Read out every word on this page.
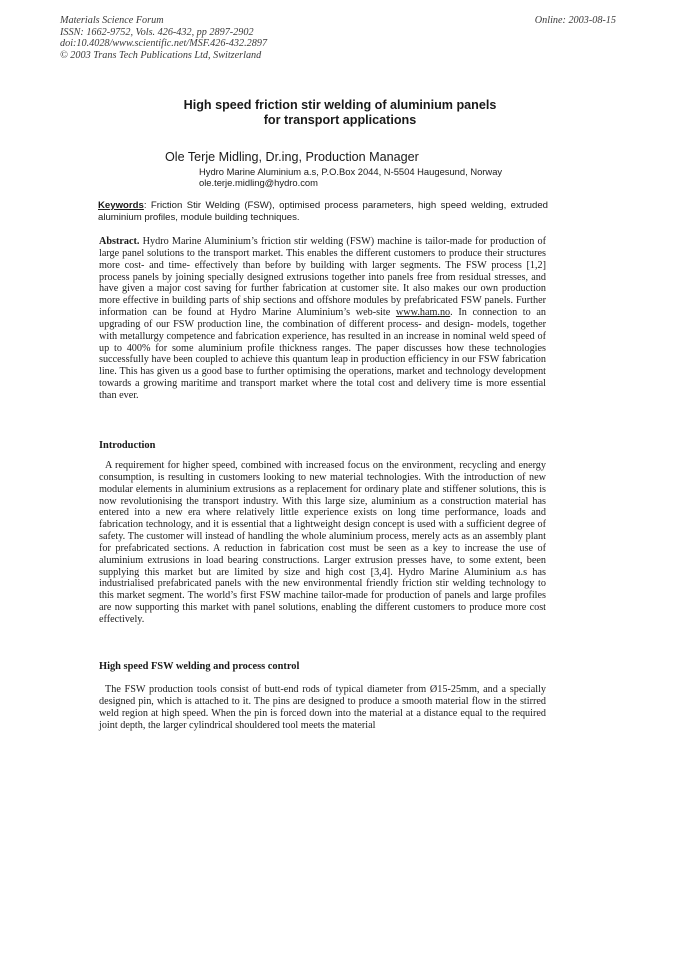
Materials Science Forum
ISSN: 1662-9752, Vols. 426-432, pp 2897-2902
doi:10.4028/www.scientific.net/MSF.426-432.2897
© 2003 Trans Tech Publications Ltd, Switzerland
Online: 2003-08-15
High speed friction stir welding of aluminium panels
for transport applications
Ole Terje Midling, Dr.ing, Production Manager
Hydro Marine Aluminium a.s, P.O.Box 2044, N-5504 Haugesund, Norway
ole.terje.midling@hydro.com
Keywords: Friction Stir Welding (FSW), optimised process parameters, high speed welding, extruded aluminium profiles, module building techniques.
Abstract. Hydro Marine Aluminium’s friction stir welding (FSW) machine is tailor-made for production of large panel solutions to the transport market. This enables the different customers to produce their structures more cost- and time- effectively than before by building with larger segments. The FSW process [1,2] process panels by joining specially designed extrusions together into panels free from residual stresses, and have given a major cost saving for further fabrication at customer site. It also makes our own production more effective in building parts of ship sections and offshore modules by prefabricated FSW panels. Further information can be found at Hydro Marine Aluminium’s web-site www.ham.no. In connection to an upgrading of our FSW production line, the combination of different process- and design- models, together with metallurgy competence and fabrication experience, has resulted in an increase in nominal weld speed of up to 400% for some aluminium profile thickness ranges. The paper discusses how these technologies successfully have been coupled to achieve this quantum leap in production efficiency in our FSW fabrication line. This has given us a good base to further optimising the operations, market and technology development towards a growing maritime and transport market where the total cost and delivery time is more essential than ever.
Introduction
A requirement for higher speed, combined with increased focus on the environment, recycling and energy consumption, is resulting in customers looking to new material technologies. With the introduction of new modular elements in aluminium extrusions as a replacement for ordinary plate and stiffener solutions, this is now revolutionising the transport industry. With this large size, aluminium as a construction material has entered into a new era where relatively little experience exists on long time performance, loads and fabrication technology, and it is essential that a lightweight design concept is used with a sufficient degree of safety. The customer will instead of handling the whole aluminium process, merely acts as an assembly plant for prefabricated sections. A reduction in fabrication cost must be seen as a key to increase the use of aluminium extrusions in load bearing constructions. Larger extrusion presses have, to some extent, been supplying this market but are limited by size and high cost [3,4]. Hydro Marine Aluminium a.s has industrialised prefabricated panels with the new environmental friendly friction stir welding technology to this market segment. The world’s first FSW machine tailor-made for production of panels and large profiles are now supporting this market with panel solutions, enabling the different customers to produce more cost effectively.
High speed FSW welding and process control
The FSW production tools consist of butt-end rods of typical diameter from Ø15-25mm, and a specially designed pin, which is attached to it. The pins are designed to produce a smooth material flow in the stirred weld region at high speed. When the pin is forced down into the material at a distance equal to the required joint depth, the larger cylindrical shouldered tool meets the material
